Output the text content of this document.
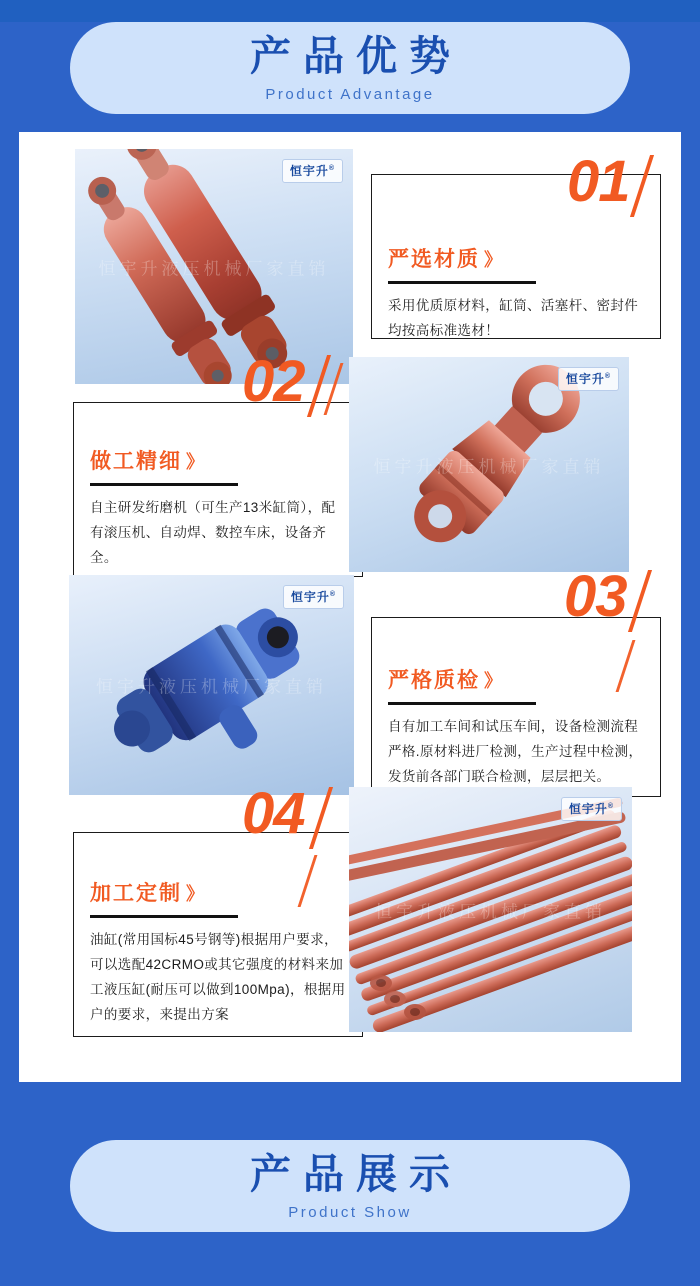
产品优势
Product Advantage
恒宇升液压机械厂家直销
恒宇升®	01
严选材质 》

采用优质原材料，缸筒、活塞杆、密封件均按高标准选材！

02
做工精细 》

自主研发绗磨机（可生产13米缸筒），配有滚压机、自动焊、数控车床，设备齐全。

恒宇升液压机械厂家直销
恒宇升®
恒宇升液压机械厂家直销
恒宇升®	03
严格质检 》

自有加工车间和试压车间，设备检测流程严格.原材料进厂检测，生产过程中检测，发货前各部门联合检测，层层把关。

04
加工定制 》

油缸(常用国标45号钢等)根据用户要求，可以选配42CRMO或其它强度的材料来加工液压缸(耐压可以做到100Mpa)，根据用户的要求，来提出方案

恒宇升液压机械厂家直销
恒宇升®
产品展示
Product Show
